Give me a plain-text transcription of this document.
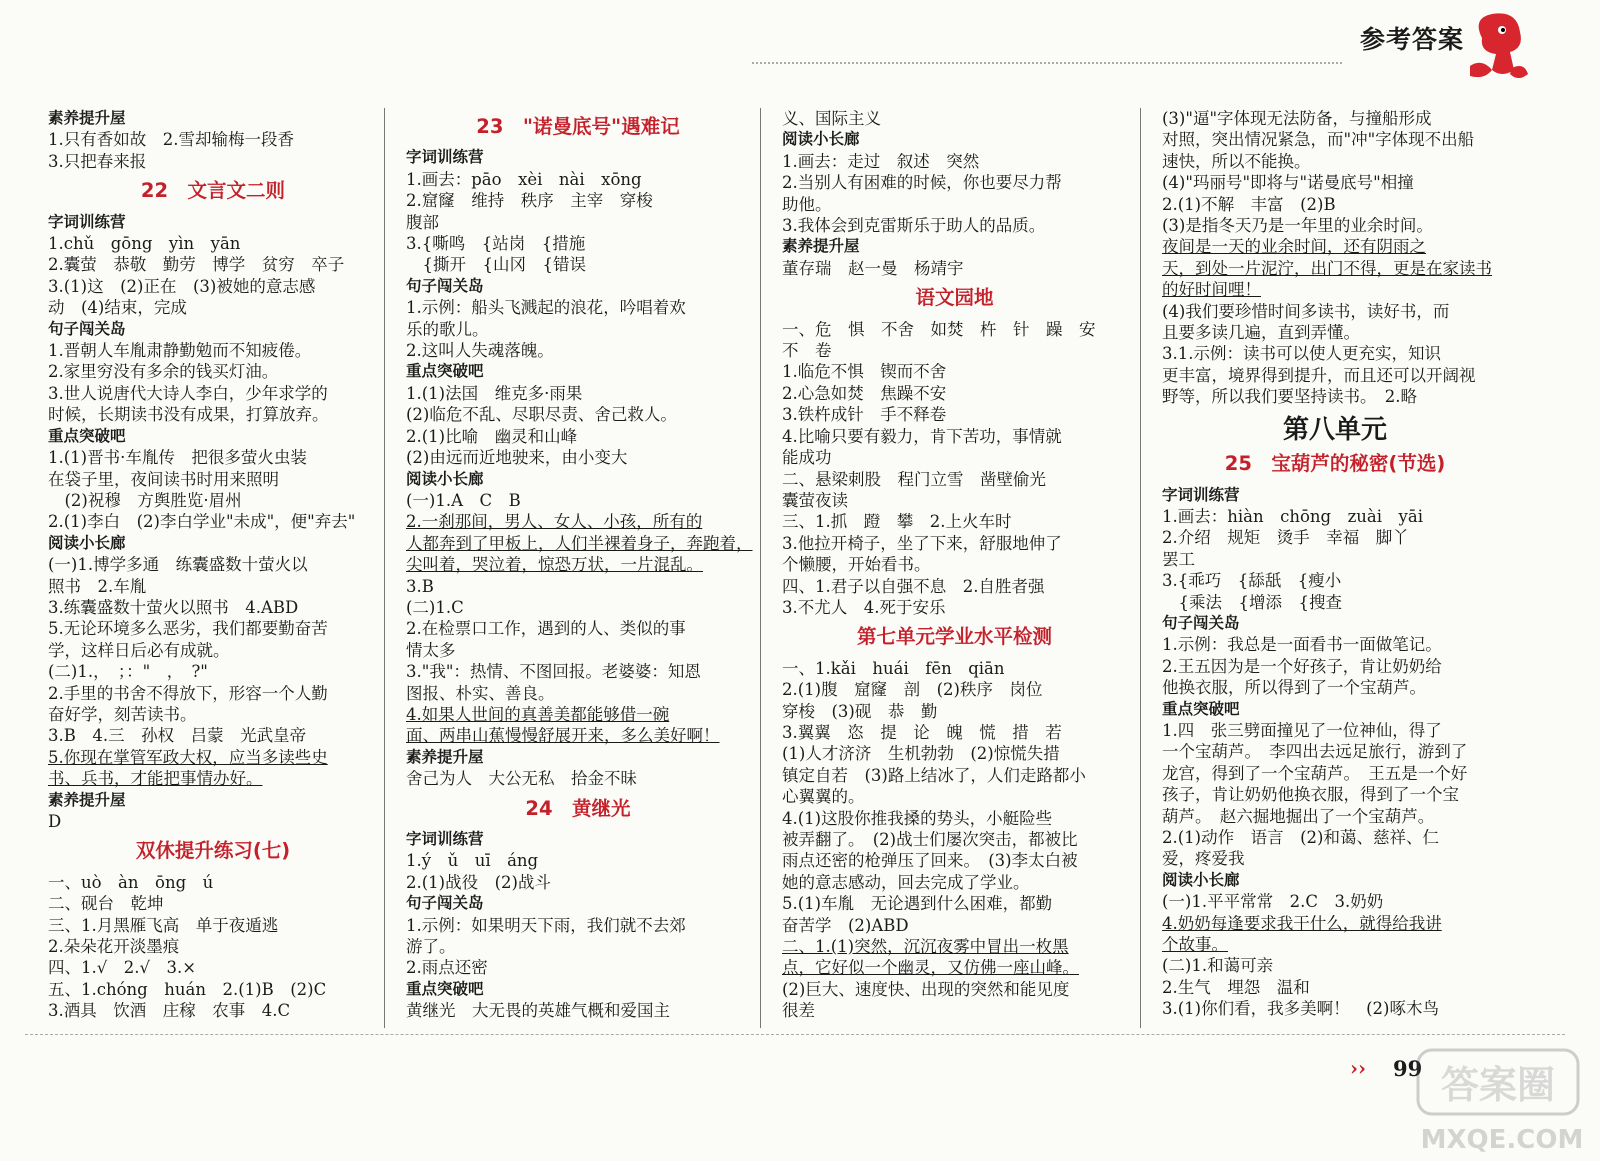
参考答案

素养提升屋

1.只有香如故　2.雪却输梅一段香

3.只把春来报

22　文言文二则

字词训练营

1.chǔ　gōng　yìn　yān

2.囊萤　恭敬　勤劳　博学　贫穷　卒子

3.(1)这　(2)正在　(3)被她的意志感

动　(4)结束，完成

句子闯关岛

1.晋朝人车胤肃静勤勉而不知疲倦。

2.家里穷没有多余的钱买灯油。

3.世人说唐代大诗人李白，少年求学的

时候，长期读书没有成果，打算放弃。

重点突破吧

1.(1)晋书·车胤传　把很多萤火虫装

在袋子里，夜间读书时用来照明

　(2)祝穆　方舆胜览·眉州

2.(1)李白　(2)李白学业"未成"，便"弃去"

阅读小长廊

(一)1.博学多通　练囊盛数十萤火以

照书　2.车胤

3.练囊盛数十萤火以照书　4.ABD

5.无论环境多么恶劣，我们都要勤奋苦

学，这样日后必有成就。

(二)1.，　；："　，　?"

2.手里的书舍不得放下，形容一个人勤

奋好学，刻苦读书。

3.B　4.三　孙权　吕蒙　光武皇帝

5.你现在掌管军政大权，应当多读些史

书、兵书，才能把事情办好。

素养提升屋

D

双休提升练习(七)

一、uò　àn　ōng　ú

二、砚台　乾坤

三、1.月黑雁飞高　单于夜遁逃

2.朵朵花开淡墨痕

四、1.√　2.√　3.×

五、1.chóng　huán　2.(1)B　(2)C

3.酒具　饮酒　庄稼　农事　4.C

23　"诺曼底号"遇难记

字词训练营

1.画去：pāo　xèi　nài　xōng

2.窟窿　维持　秩序　主宰　穿梭

腹部

3.{嘶鸣　{站岗　{措施

　{撕开　{山冈　{错误

句子闯关岛

1.示例：船头飞溅起的浪花，吟唱着欢

乐的歌儿。

2.这叫人失魂落魄。

重点突破吧

1.(1)法国　维克多·雨果

(2)临危不乱、尽职尽责、舍己救人。

2.(1)比喻　幽灵和山峰

(2)由远而近地驶来，由小变大

阅读小长廊

(一)1.A　C　B

2.一刹那间，男人、女人、小孩，所有的

人都奔到了甲板上，人们半裸着身子，奔跑着，

尖叫着，哭泣着，惊恐万状，一片混乱。

3.B

(二)1.C

2.在检票口工作，遇到的人、类似的事

情太多

3."我"：热情、不图回报。老婆婆：知恩

图报、朴实、善良。

4.如果人世间的真善美都能够借一碗

面、两串山蕉慢慢舒展开来，多么美好啊！

素养提升屋

舍己为人　大公无私　拾金不昧

24　黄继光

字词训练营

1.ý　ǔ　uī　áng

2.(1)战役　(2)战斗

句子闯关岛

1.示例：如果明天下雨，我们就不去郊

游了。

2.雨点还密

重点突破吧

黄继光　大无畏的英雄气概和爱国主

义、国际主义

阅读小长廊

1.画去：走过　叙述　突然

2.当别人有困难的时候，你也要尽力帮

助他。

3.我体会到克雷斯乐于助人的品质。

素养提升屋

董存瑞　赵一曼　杨靖宇

语文园地

一、危　惧　不舍　如焚　杵　针　躁　安

不　卷

1.临危不惧　锲而不舍

2.心急如焚　焦躁不安

3.铁杵成针　手不释卷

4.比喻只要有毅力，肯下苦功，事情就

能成功

二、悬梁刺股　程门立雪　凿壁偷光

囊萤夜读

三、1.抓　蹬　攀　2.上火车时

3.他拉开椅子，坐了下来，舒服地伸了

个懒腰，开始看书。

四、1.君子以自强不息　2.自胜者强

3.不尤人　4.死于安乐

第七单元学业水平检测

一、1.kǎi　huái　fēn　qiān

2.(1)腹　窟窿　剖　(2)秩序　岗位

穿梭　(3)砚　恭　勤

3.翼翼　恣　提　论　魄　慌　措　若

(1)人才济济　生机勃勃　(2)惊慌失措

镇定自若　(3)路上结冰了，人们走路都小

心翼翼的。

4.(1)这股你推我搡的势头，小艇险些

被弄翻了。　(2)战士们屡次突击，都被比

雨点还密的枪弹压了回来。　(3)李太白被

她的意志感动，回去完成了学业。

5.(1)车胤　无论遇到什么困难，都勤

奋苦学　(2)ABD

二、1.(1)突然，沉沉夜雾中冒出一枚黑

点，它好似一个幽灵，又仿佛一座山峰。

(2)巨大、速度快、出现的突然和能见度

很差

(3)"逼"字体现无法防备，与撞船形成

对照，突出情况紧急，而"冲"字体现不出船

速快，所以不能换。

(4)"玛丽号"即将与"诺曼底号"相撞

2.(1)不解　丰富　(2)B

(3)是指冬天乃是一年里的业余时间。

夜间是一天的业余时间，还有阴雨之

天，到处一片泥泞，出门不得，更是在家读书

的好时间哩！

(4)我们要珍惜时间多读书，读好书，而

且要多读几遍，直到弄懂。

3.1.示例：读书可以使人更充实，知识

更丰富，境界得到提升，而且还可以开阔视

野等，所以我们要坚持读书。　2.略

第八单元

25　宝葫芦的秘密(节选)

字词训练营

1.画去：hiàn　chōng　zuài　yāi

2.介绍　规矩　烫手　幸福　脚丫

罢工

3.{乖巧　{舔舐　{瘦小

　{乘法　{增添　{搜查

句子闯关岛

1.示例：我总是一面看书一面做笔记。

2.王五因为是一个好孩子，肯让奶奶给

他换衣服，所以得到了一个宝葫芦。

重点突破吧

1.四　张三劈面撞见了一位神仙，得了

一个宝葫芦。　李四出去远足旅行，游到了

龙宫，得到了一个宝葫芦。　王五是一个好

孩子，肯让奶奶他换衣服，得到了一个宝

葫芦。　赵六掘地掘出了一个宝葫芦。

2.(1)动作　语言　(2)和蔼、慈祥、仁

爱，疼爱我

阅读小长廊

(一)1.平平常常　2.C　3.奶奶

4.奶奶每逢要求我干什么，就得给我讲

个故事。

(二)1.和蔼可亲

2.生气　埋怨　温和

3.(1)你们看，我多美啊！　(2)啄木鸟

›› 99 答案圈
MXQE.COM
